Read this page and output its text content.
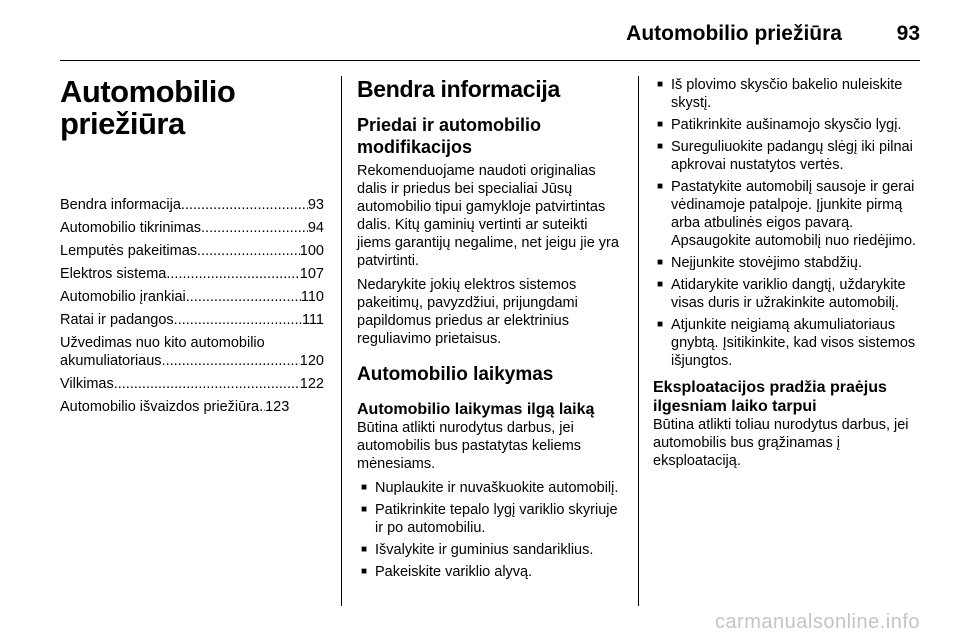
Automobilio priežiūra	93
Automobilio
priežiūra
Bendra informacija .....	93
Automobilio tikrinimas .....	94
Lemputės pakeitimas .....	100
Elektros sistema .....	107
Automobilio įrankiai .....	110
Ratai ir padangos .....	111
Užvedimas nuo kito automobilio
akumuliatoriaus .....	120
Vilkimas .....	122
Automobilio išvaizdos priežiūra ..... 123
Bendra informacija
Priedai ir automobilio modifikacijos

Rekomenduojame naudoti originalias dalis ir priedus bei specialiai Jūsų automobilio tipui gamykloje patvirtintas dalis. Kitų gaminių vertinti ar suteikti jiems garantijų negalime, net jeigu jie yra patvirtinti.

Nedarykite jokių elektros sistemos pakeitimų, pavyzdžiui, prijungdami papildomus priedus ar elektrinius reguliavimo prietaisus.

Automobilio laikymas
Automobilio laikymas ilgą laiką

Būtina atlikti nurodytus darbus, jei automobilis bus pastatytas keliems mėnesiams.

■ Nuplaukite ir nuvaškuokite automobilį.
■ Patikrinkite tepalo lygį variklio skyriuje ir po automobiliu.
■ Išvalykite ir guminius sandariklius.
■ Pakeiskite variklio alyvą.
■ Iš plovimo skysčio bakelio nuleiskite skystį.
■ Patikrinkite aušinamojo skysčio lygį.
■ Sureguliuokite padangų slėgį iki pilnai apkrovai nustatytos vertės.
■ Pastatykite automobilį sausoje ir gerai vėdinamoje patalpoje. Įjunkite pirmą arba atbulinės eigos pavarą. Apsaugokite automobilį nuo riedėjimo.
■ Neįjunkite stovėjimo stabdžių.
■ Atidarykite variklio dangtį, uždarykite visas duris ir užrakinkite automobilį.
■ Atjunkite neigiamą akumuliatoriaus gnybtą. Įsitikinkite, kad visos sistemos išjungtos.
Eksploatacijos pradžia praėjus ilgesniam laiko tarpui

Būtina atlikti toliau nurodytus darbus, jei automobilis bus grąžinamas į eksploataciją.

carmanualsonline.info
